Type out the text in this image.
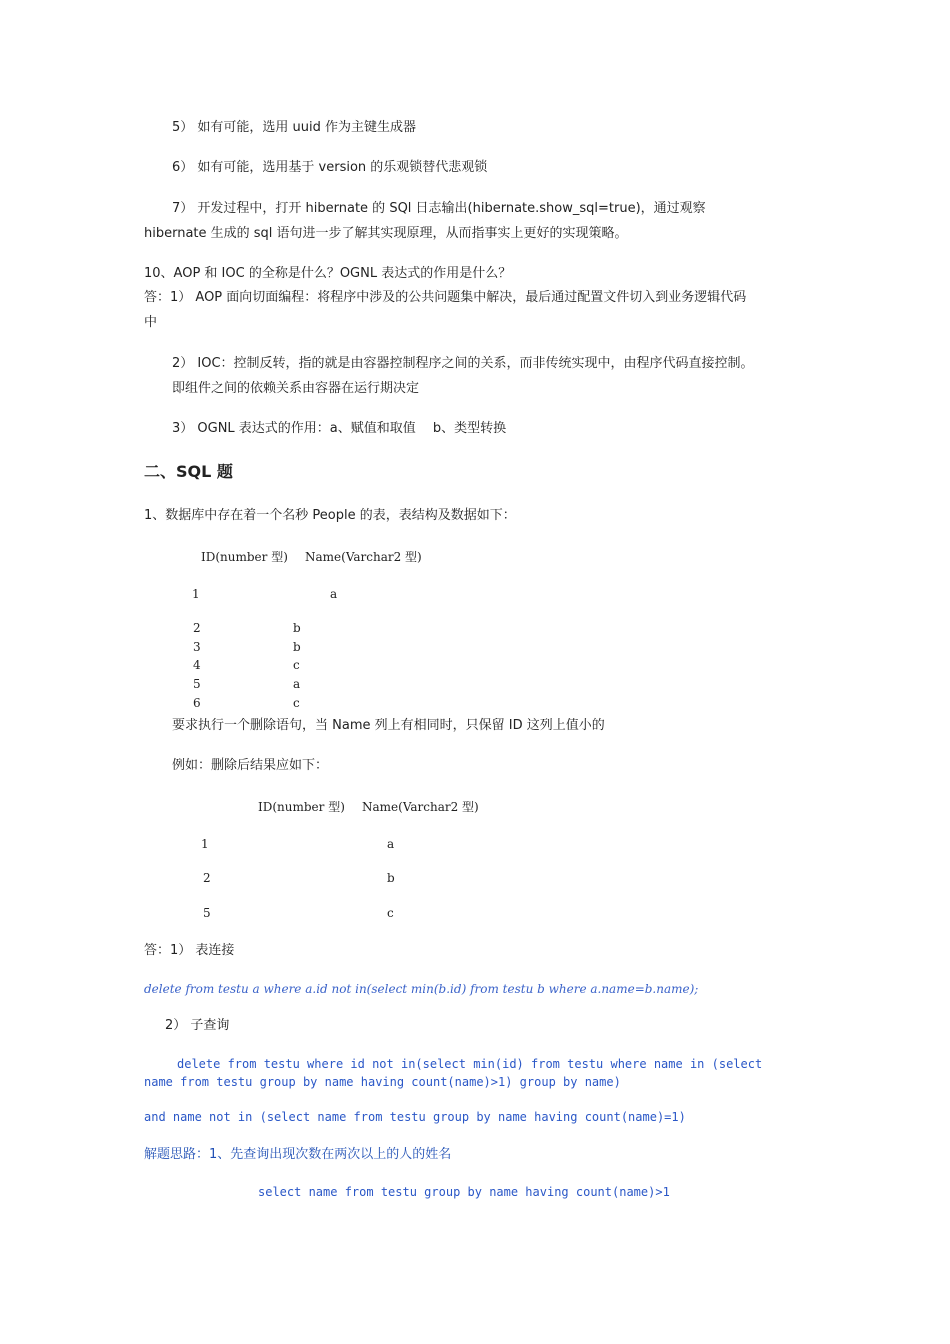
5） 如有可能，选用 uuid 作为主键生成器
6） 如有可能，选用基于 version 的乐观锁替代悲观锁
7） 开发过程中，打开 hibernate 的 SQl 日志输出(hibernate.show_sql=true)，通过观察
hibernate 生成的 sql 语句进一步了解其实现原理，从而指事实上更好的实现策略。
10、AOP 和 IOC 的全称是什么？OGNL 表达式的作用是什么？
答：1） AOP 面向切面编程：将程序中涉及的公共问题集中解决，最后通过配置文件切入到业务逻辑代码
中
2） IOC：控制反转，指的就是由容器控制程序之间的关系，而非传统实现中，由程序代码直接控制。
即组件之间的依赖关系由容器在运行期决定
3） OGNL 表达式的作用：a、赋值和取值　 b、类型转换
二、SQL 题
1、数据库中存在着一个名秒 People 的表，表结构及数据如下：
ID(number 型) Name(Varchar2 型)
1	a
2	b
3	b
4	c
5	a
6	c
要求执行一个删除语句，当 Name 列上有相同时，只保留 ID 这列上值小的
例如：删除后结果应如下：
ID(number 型) Name(Varchar2 型)
1	a
2	b
5	c
答：1） 表连接
delete from testu a where a.id not in(select min(b.id) from testu b where a.name=b.name);
2） 子查询
delete from testu where id not in(select min(id) from testu where name in (select
name from testu group by name having count(name)>1) group by name)
and name not in (select name from testu group by name having count(name)=1)
解题思路：1、先查询出现次数在两次以上的人的姓名
select name from testu group by name having count(name)>1
